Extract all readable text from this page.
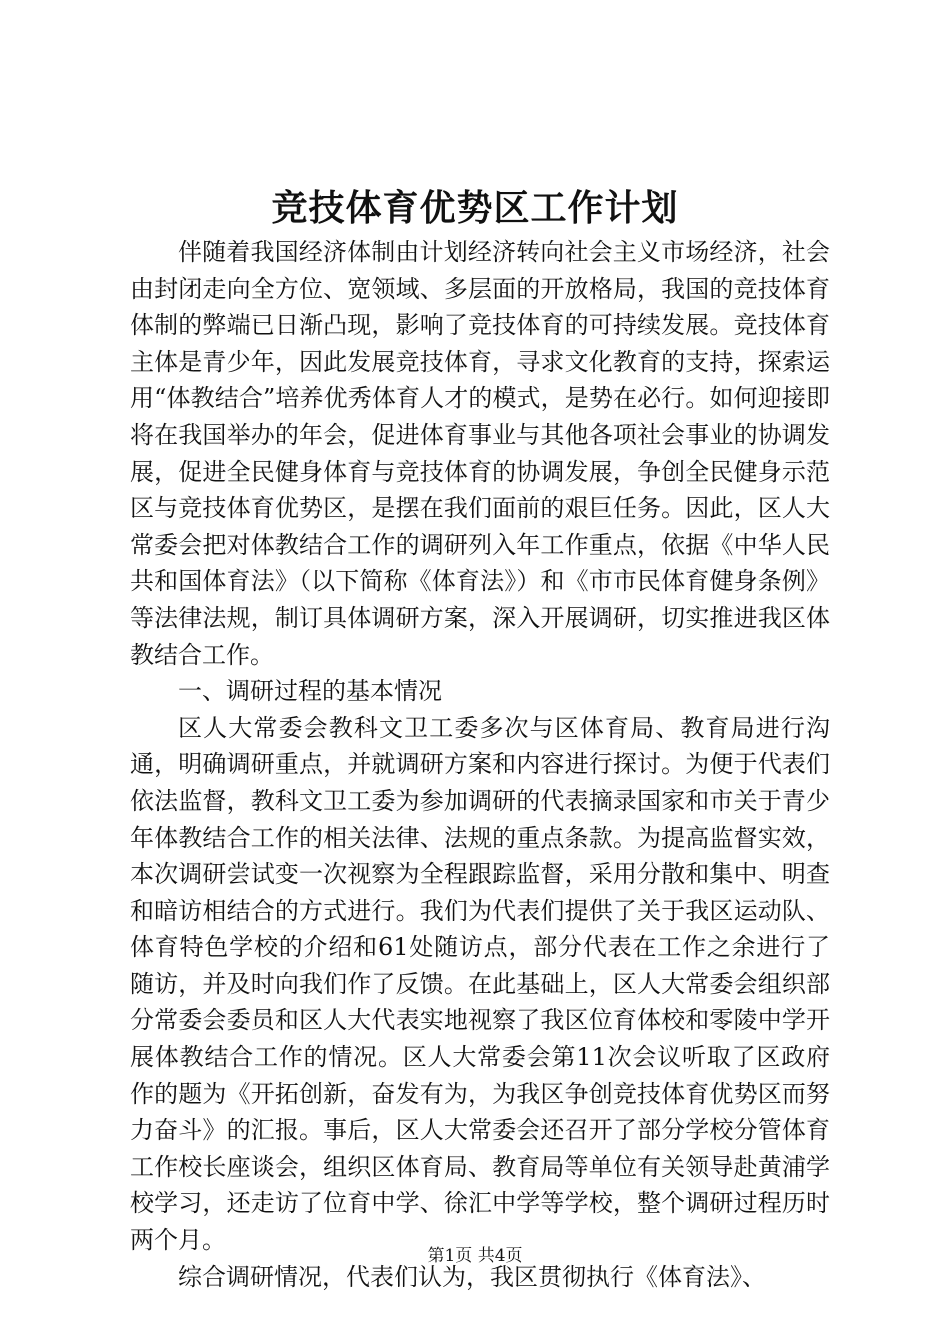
竞技体育优势区工作计划

伴随着我国经济体制由计划经济转向社会主义市场经济，社会由封闭走向全方位、宽领域、多层面的开放格局，我国的竞技体育体制的弊端已日渐凸现，影响了竞技体育的可持续发展。竞技体育主体是青少年，因此发展竞技体育，寻求文化教育的支持，探索运用“体教结合”培养优秀体育人才的模式，是势在必行。如何迎接即将在我国举办的年会，促进体育事业与其他各项社会事业的协调发展，促进全民健身体育与竞技体育的协调发展，争创全民健身示范区与竞技体育优势区，是摆在我们面前的艰巨任务。因此，区人大常委会把对体教结合工作的调研列入年工作重点，依据《中华人民共和国体育法》（以下简称《体育法》）和《市市民体育健身条例》等法律法规，制订具体调研方案，深入开展调研，切实推进我区体教结合工作。

一、调研过程的基本情况

区人大常委会教科文卫工委多次与区体育局、教育局进行沟通，明确调研重点，并就调研方案和内容进行探讨。为便于代表们依法监督，教科文卫工委为参加调研的代表摘录国家和市关于青少年体教结合工作的相关法律、法规的重点条款。为提高监督实效，本次调研尝试变一次视察为全程跟踪监督，采用分散和集中、明查和暗访相结合的方式进行。我们为代表们提供了关于我区运动队、体育特色学校的介绍和61处随访点，部分代表在工作之余进行了随访，并及时向我们作了反馈。在此基础上，区人大常委会组织部分常委会委员和区人大代表实地视察了我区位育体校和零陵中学开展体教结合工作的情况。区人大常委会第11次会议听取了区政府作的题为《开拓创新，奋发有为，为我区争创竞技体育优势区而努力奋斗》的汇报。事后，区人大常委会还召开了部分学校分管体育工作校长座谈会，组织区体育局、教育局等单位有关领导赴黄浦学校学习，还走访了位育中学、徐汇中学等学校，整个调研过程历时两个月。

综合调研情况，代表们认为，我区贯彻执行《体育法》、

第1页 共4页
